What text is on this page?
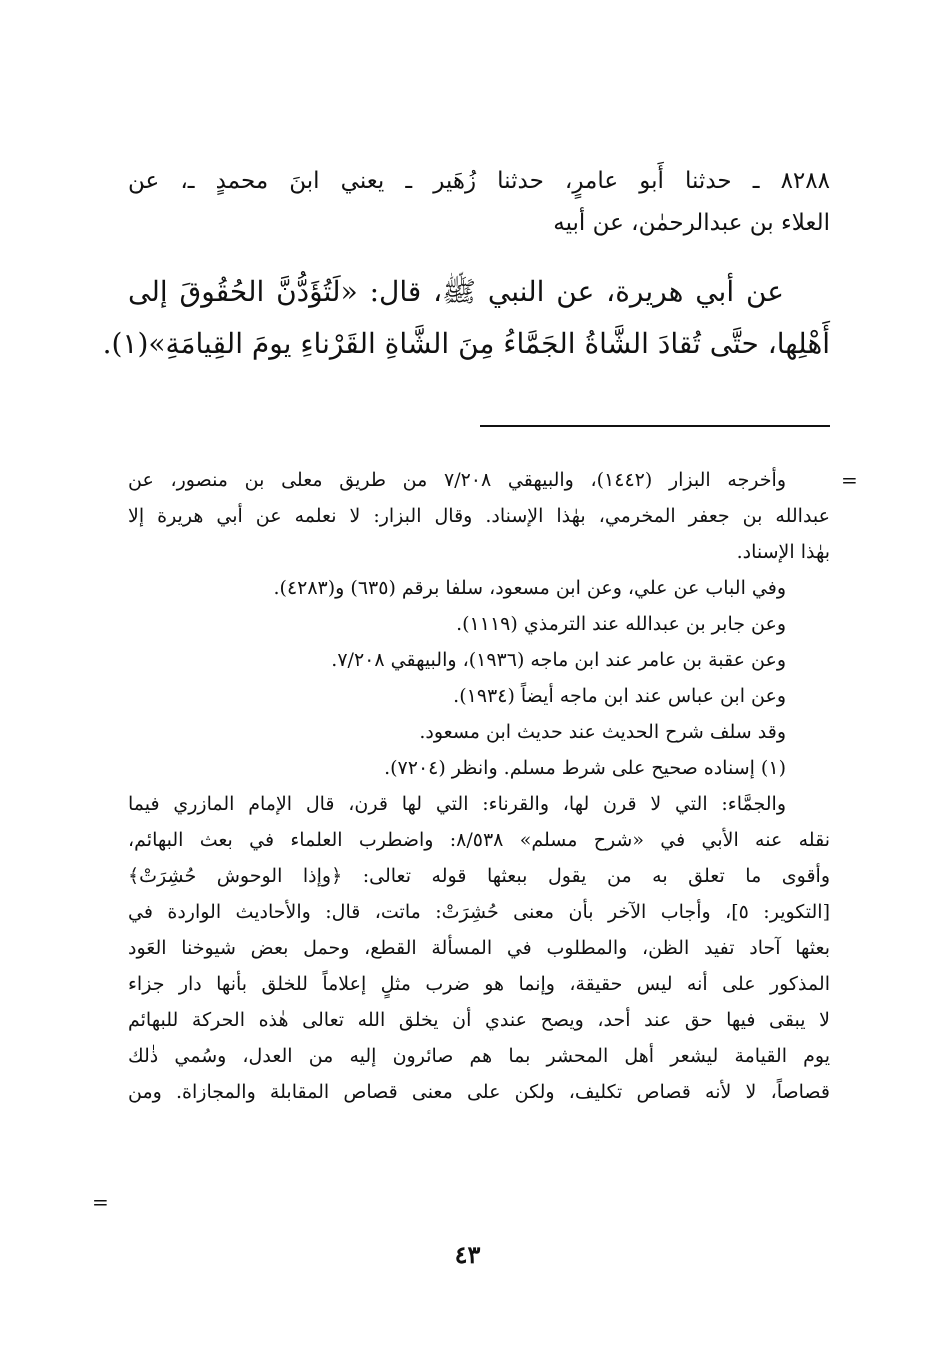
٨٢٨٨ ـ حدثنا أَبو عامرٍ، حدثنا زُهَير ـ يعني ابنَ محمدٍ ـ، عن
العلاء بن عبدالرحمٰن، عن أبيه
عن أبي هريرة، عن النبي ﷺ، قال: «لَتُؤَدُّنَّ الحُقُوقَ إلى
أَهْلِها، حتَّى تُقادَ الشَّاةُ الجَمَّاءُ مِنَ الشَّاةِ القَرْناءِ يومَ القِيامَةِ»(١).
=
وأخرجه البزار (١٤٤٢)، والبيهقي ٧/٢٠٨ من طريق معلى بن منصور، عن
عبدالله بن جعفر المخرمي، بهٰذا الإسناد. وقال البزار: لا نعلمه عن أبي هريرة إلا
بهٰذا الإسناد.
وفي الباب عن علي، وعن ابن مسعود، سلفا برقم (٦٣٥) و(٤٢٨٣).
وعن جابر بن عبدالله عند الترمذي (١١١٩).
وعن عقبة بن عامر عند ابن ماجه (١٩٣٦)، والبيهقي ٧/٢٠٨.
وعن ابن عباس عند ابن ماجه أيضاً (١٩٣٤).
وقد سلف شرح الحديث عند حديث ابن مسعود.
(١) إسناده صحيح على شرط مسلم. وانظر (٧٢٠٤).
والجمَّاء: التي لا قرن لها، والقرناء: التي لها قرن، قال الإمام المازري فيما
نقله عنه الأبي في «شرح مسلم» ٨/٥٣٨: واضطرب العلماء في بعث البهائم،
وأقوى ما تعلق به من يقول ببعثها قوله تعالى: ﴿وإذا الوحوش حُشِرَتْ﴾
[التكوير: ٥]، وأجاب الآخر بأن معنى حُشِرَتْ: ماتت، قال: والأحاديث الواردة في
بعثها آحاد تفيد الظن، والمطلوب في المسألة القطع، وحمل بعض شيوخنا العَود
المذكور على أنه ليس حقيقة، وإنما هو ضرب مثلٍ إعلاماً للخلق بأنها دار جزاء
لا يبقى فيها حق عند أحد، ويصح عندي أن يخلق الله تعالى هٰذه الحركة للبهائم
يوم القيامة ليشعر أهل المحشر بما هم صائرون إليه من العدل، وسُمي ذٰلك
قصاصاً، لا لأنه قصاص تكليف، ولكن على معنى قصاص المقابلة والمجازاة. ومن
=
٤٣
